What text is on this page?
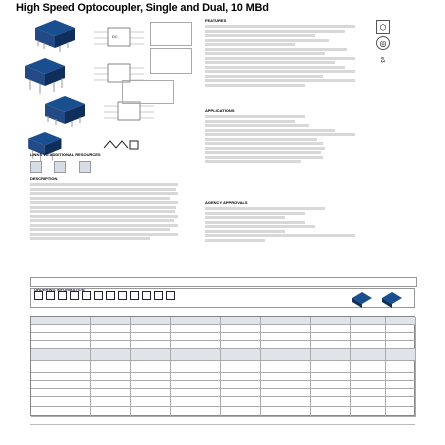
High Speed Optocoupler, Single and Dual, 10 MBd
DC
LINKS TO ADDITIONAL RESOURCES

DESCRIPTION
FEATURES
⬡
◎
e3
APPLICATIONS
AGENCY APPROVALS
ORDERING INFORMATION
